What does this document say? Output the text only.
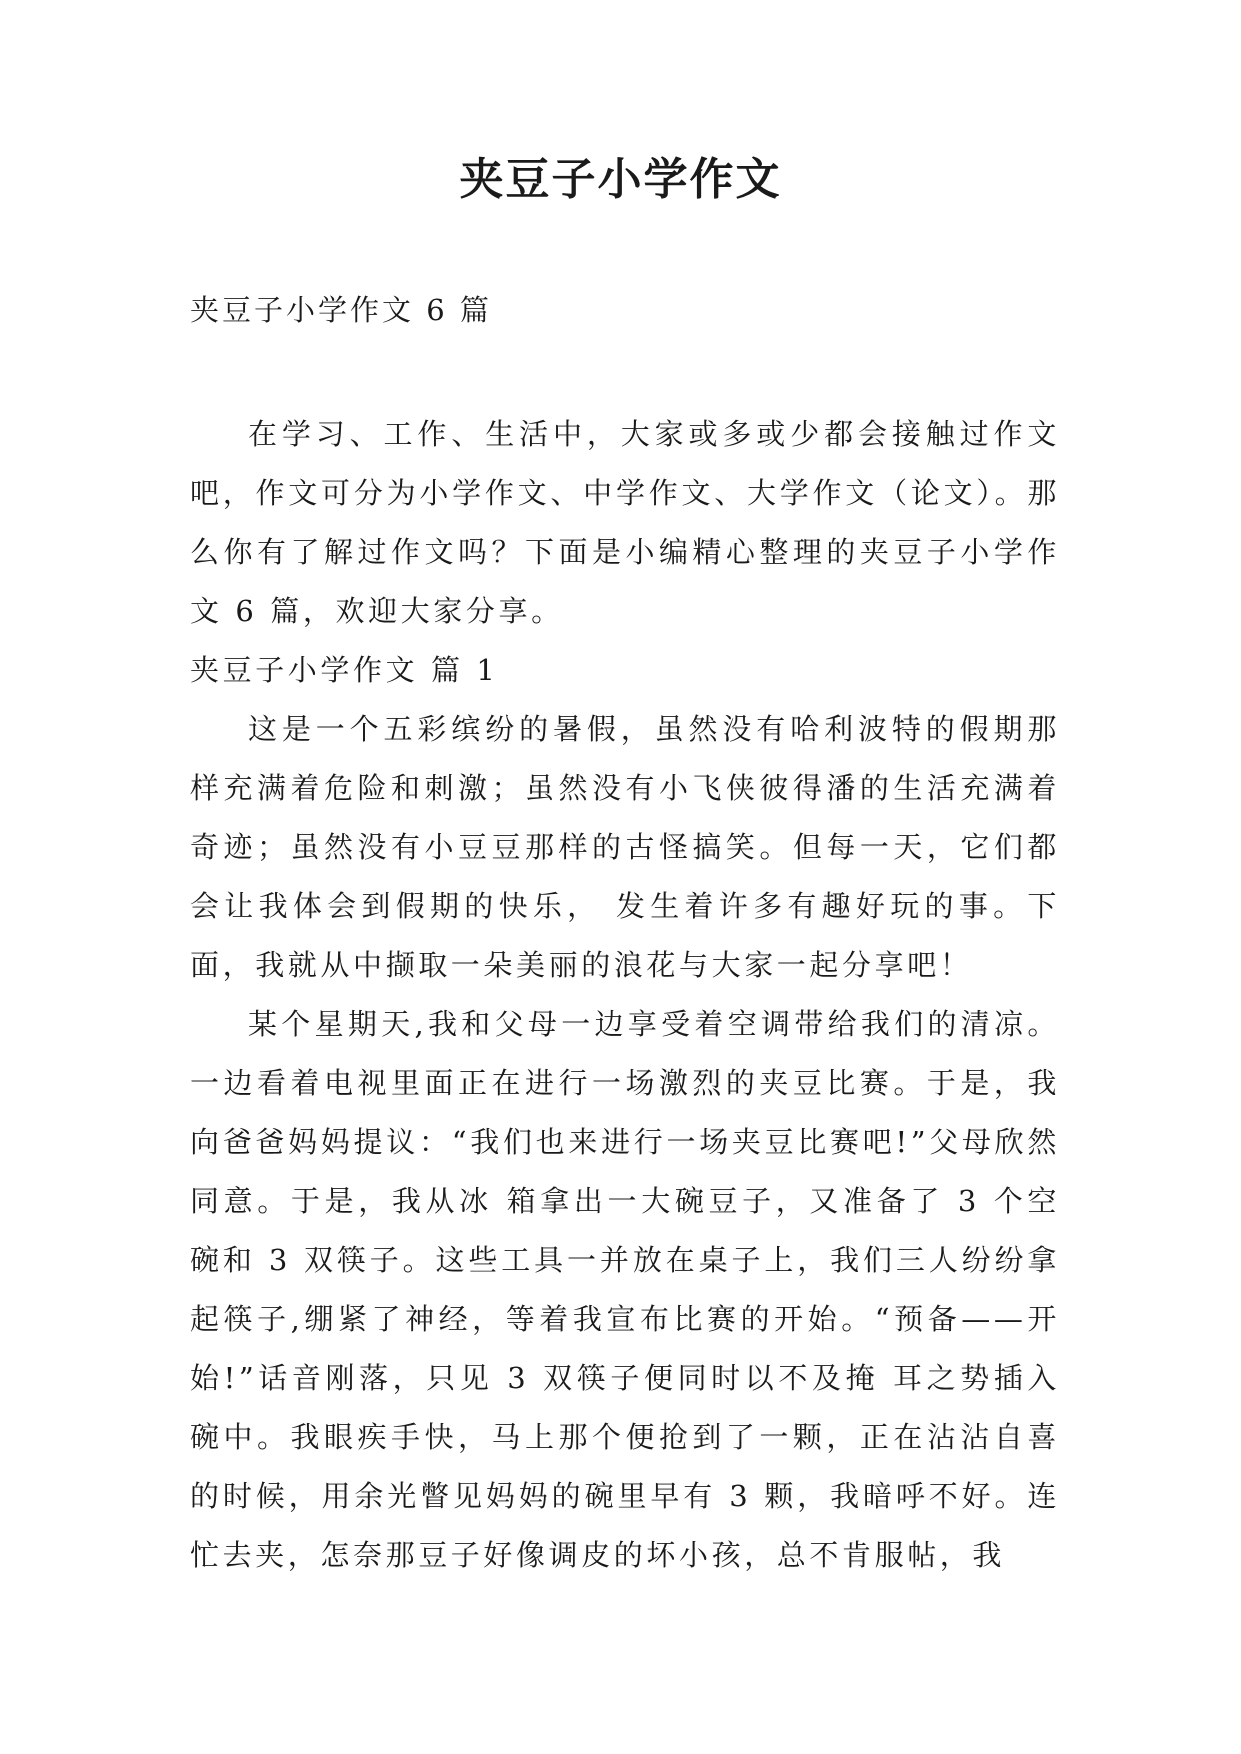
夹豆子小学作文

夹豆子小学作文 6 篇

在学习、工作、生活中，大家或多或少都会接触过作文吧，作文可分为小学作文、中学作文、大学作文（论文）。那么你有了解过作文吗？下面是小编精心整理的夹豆子小学作文 6 篇，欢迎大家分享。

夹豆子小学作文 篇 1

这是一个五彩缤纷的暑假，虽然没有哈利波特的假期那样充满着危险和刺激；虽然没有小飞侠彼得潘的生活充满着奇迹；虽然没有小豆豆那样的古怪搞笑。但每一天，它们都会让我体会到假期的快乐， 发生着许多有趣好玩的事。下面，我就从中撷取一朵美丽的浪花与大家一起分享吧！

某个星期天,我和父母一边享受着空调带给我们的清凉。一边看着电视里面正在进行一场激烈的夹豆比赛。于是，我向爸爸妈妈提议：“我们也来进行一场夹豆比赛吧!”父母欣然同意。于是，我从冰 箱拿出一大碗豆子，又准备了 3 个空碗和 3 双筷子。这些工具一并放在桌子上，我们三人纷纷拿起筷子,绷紧了神经，等着我宣布比赛的开始。“预备——开始!”话音刚落，只见 3 双筷子便同时以不及掩 耳之势插入碗中。我眼疾手快，马上那个便抢到了一颗，正在沾沾自喜的时候，用余光瞥见妈妈的碗里早有 3 颗，我暗呼不好。连忙去夹，怎奈那豆子好像调皮的坏小孩，总不肯服帖，我
